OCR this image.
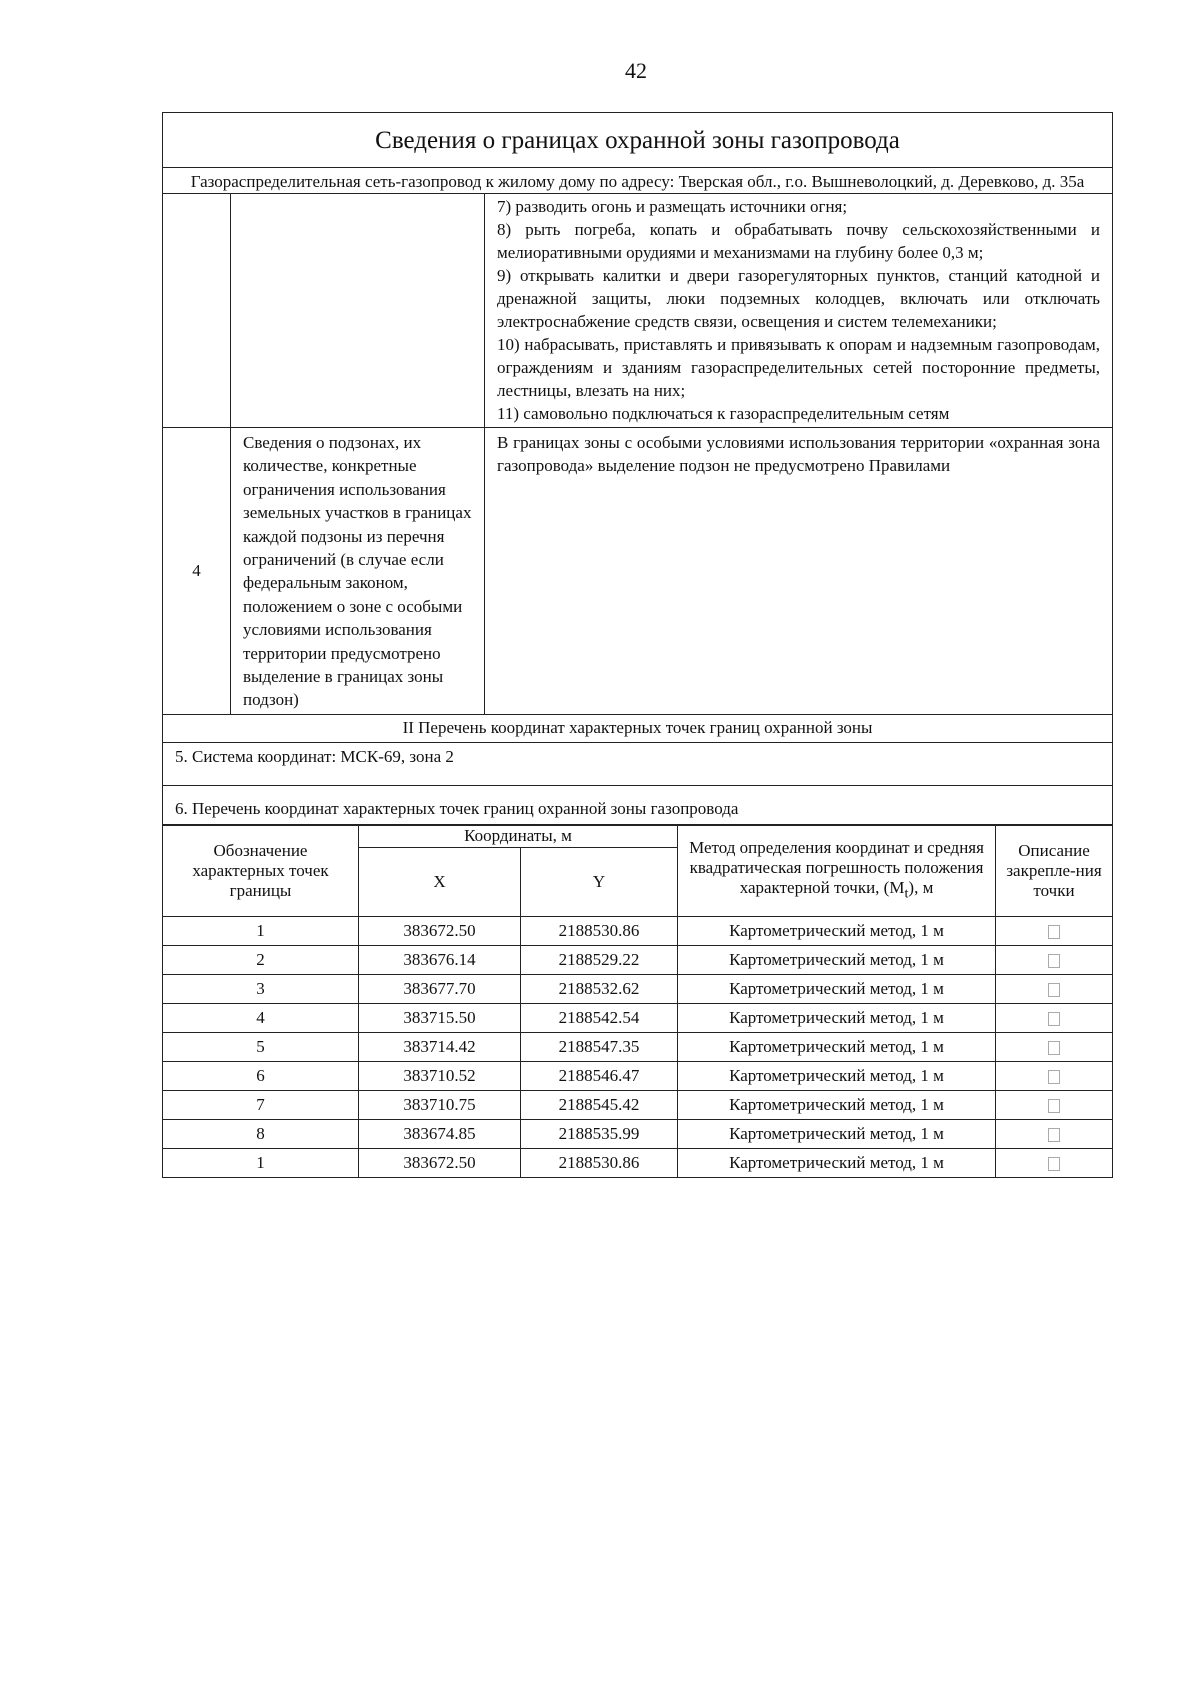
42
Сведения о границах охранной зоны газопровода		
Газораспределительная сеть-газопровод к жилому дому по адресу: Тверская обл., г.о. Вышневолоцкий, д. Деревково, д. 35а		

		7) разводить огонь и размещать источники огня;

8) рыть погреба, копать и обрабатывать почву сельскохозяйственными и мелиоративными орудиями и механизмами на глубину более 0,3 м;

9) открывать калитки и двери газорегуляторных пунктов, станций катодной и дренажной защиты, люки подземных колодцев, включать или отключать электроснабжение средств связи, освещения и систем телемеханики;

10) набрасывать, приставлять и привязывать к опорам и надземным газопроводам, ограждениям и зданиям газораспределительных сетей посторонние предметы, лестницы, влезать на них;

11) самовольно подключаться к газораспределительным сетям

4	Сведения о подзонах, их количестве, конкретные ограничения использования земельных участков в границах каждой подзоны из перечня ограничений (в случае если федеральным законом, положением о зоне с особыми условиями использования территории предусмотрено выделение в границах зоны подзон)	В границах зоны с особыми условиями использования территории «охранная зона газопровода» выделение подзон не предусмотрено Правилами
II Перечень координат характерных точек границ охранной зоны		
5. Система координат: МСК-69, зона 2		
6. Перечень координат характерных точек границ охранной зоны газопровода		
Обозначение характерных точек границы	Координаты, м		Метод определения координат и средняя квадратическая погрешность положения характерной точки, $(M_t)$, м	Описание закрепле-ния точки
	X	Y		
1	383672.50	2188530.86	Картометрический метод, 1 м	
2	383676.14	2188529.22	Картометрический метод, 1 м	
3	383677.70	2188532.62	Картометрический метод, 1 м	
4	383715.50	2188542.54	Картометрический метод, 1 м	
5	383714.42	2188547.35	Картометрический метод, 1 м	
6	383710.52	2188546.47	Картометрический метод, 1 м	
7	383710.75	2188545.42	Картометрический метод, 1 м	
8	383674.85	2188535.99	Картометрический метод, 1 м	
1	383672.50	2188530.86	Картометрический метод, 1 м	
